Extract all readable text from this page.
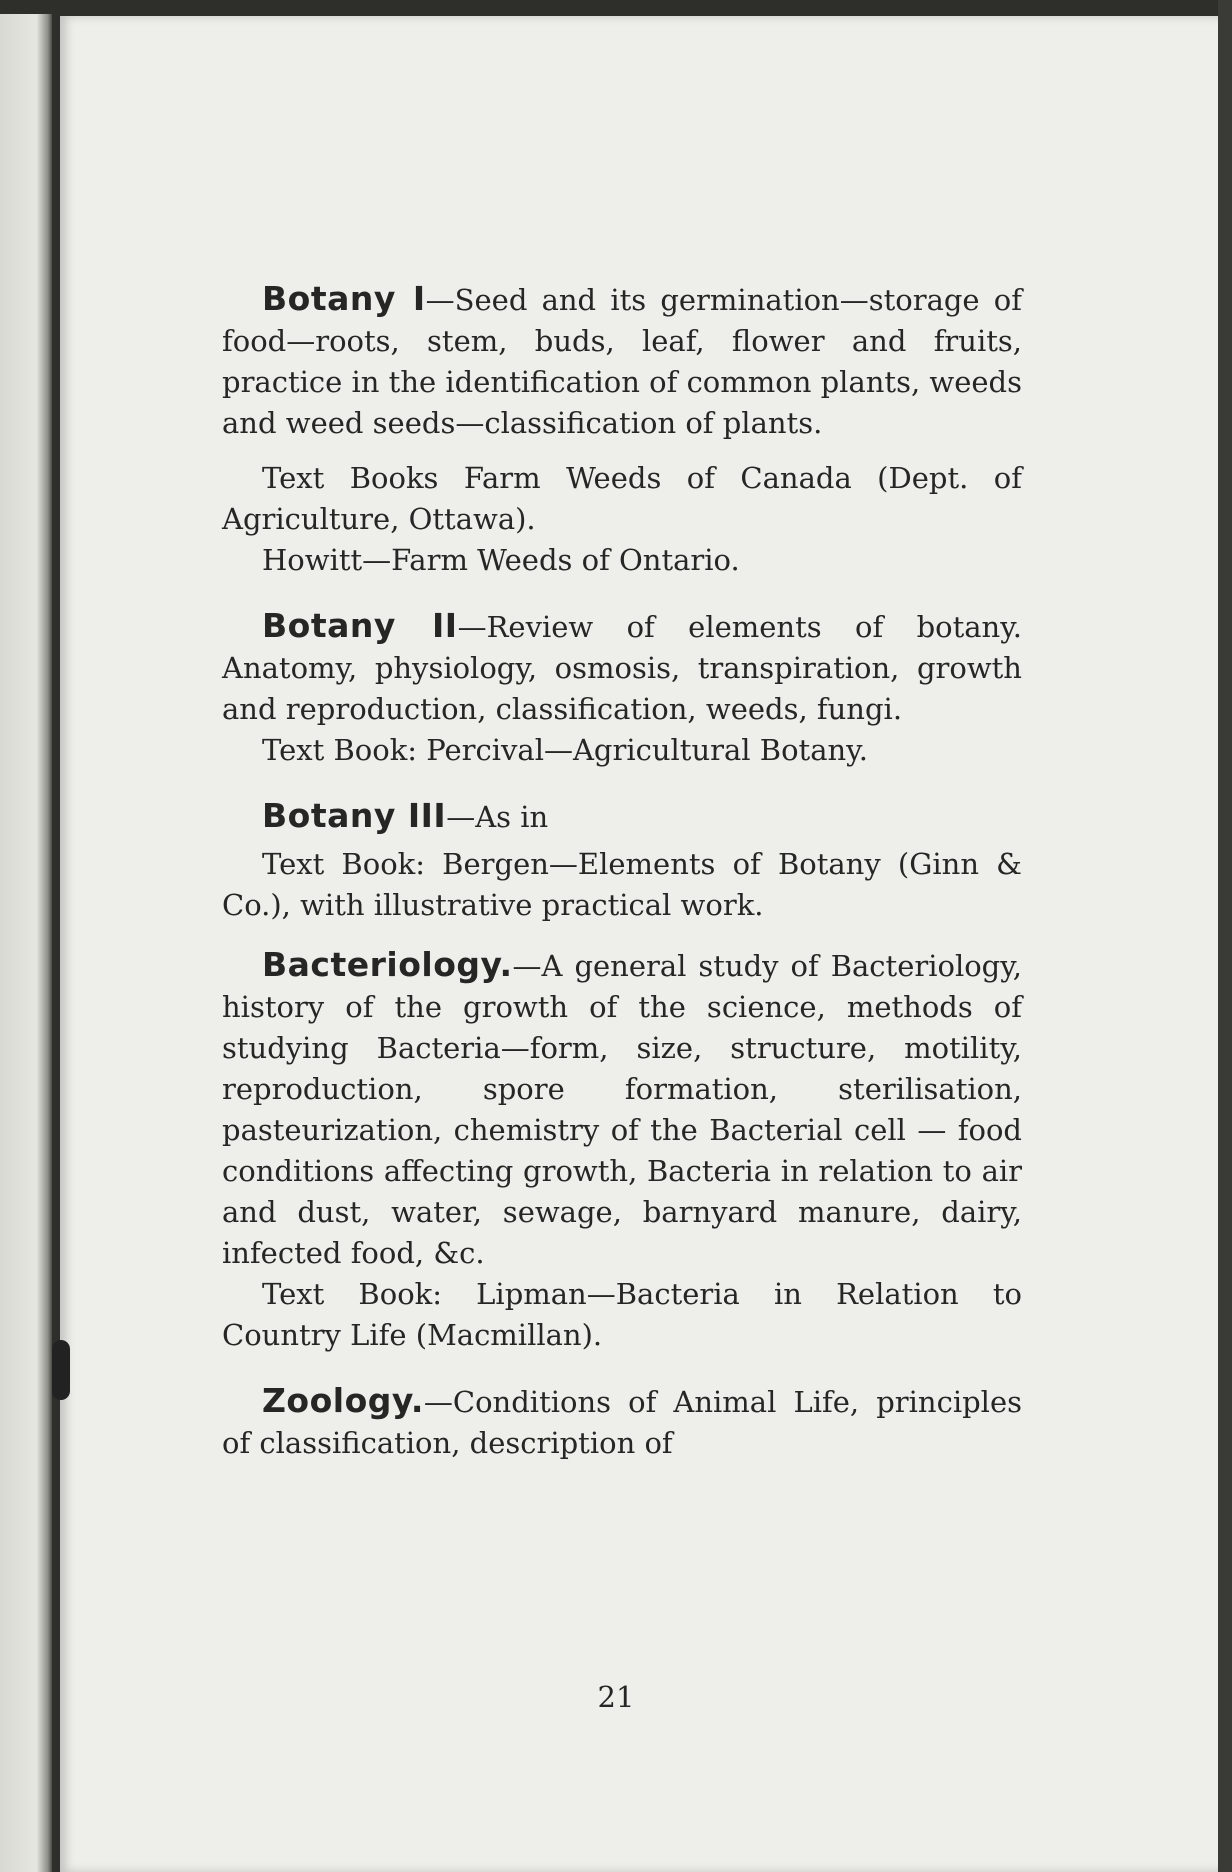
Botany I—Seed and its germination—storage of food—roots, stem, buds, leaf, flower and fruits, practice in the identification of common plants, weeds and weed seeds—classification of plants.

Text Books Farm Weeds of Canada (Dept. of Agriculture, Ottawa).

Howitt—Farm Weeds of Ontario.

Botany II—Review of elements of botany. Anatomy, physiology, osmosis, transpiration, growth and reproduction, classification, weeds, fungi.

Text Book: Percival—Agricultural Botany.

Botany III—As in

Text Book: Bergen—Elements of Botany (Ginn & Co.), with illustrative practical work.

Bacteriology.—A general study of Bacteriology, history of the growth of the science, methods of studying Bacteria—form, size, structure, motility, reproduction, spore formation, sterilisation, pasteurization, chemistry of the Bacterial cell — food conditions affecting growth, Bacteria in relation to air and dust, water, sewage, barnyard manure, dairy, infected food, &c.

Text Book: Lipman—Bacteria in Relation to Country Life (Macmillan).

Zoology.—Conditions of Animal Life, principles of classification, description of

21
